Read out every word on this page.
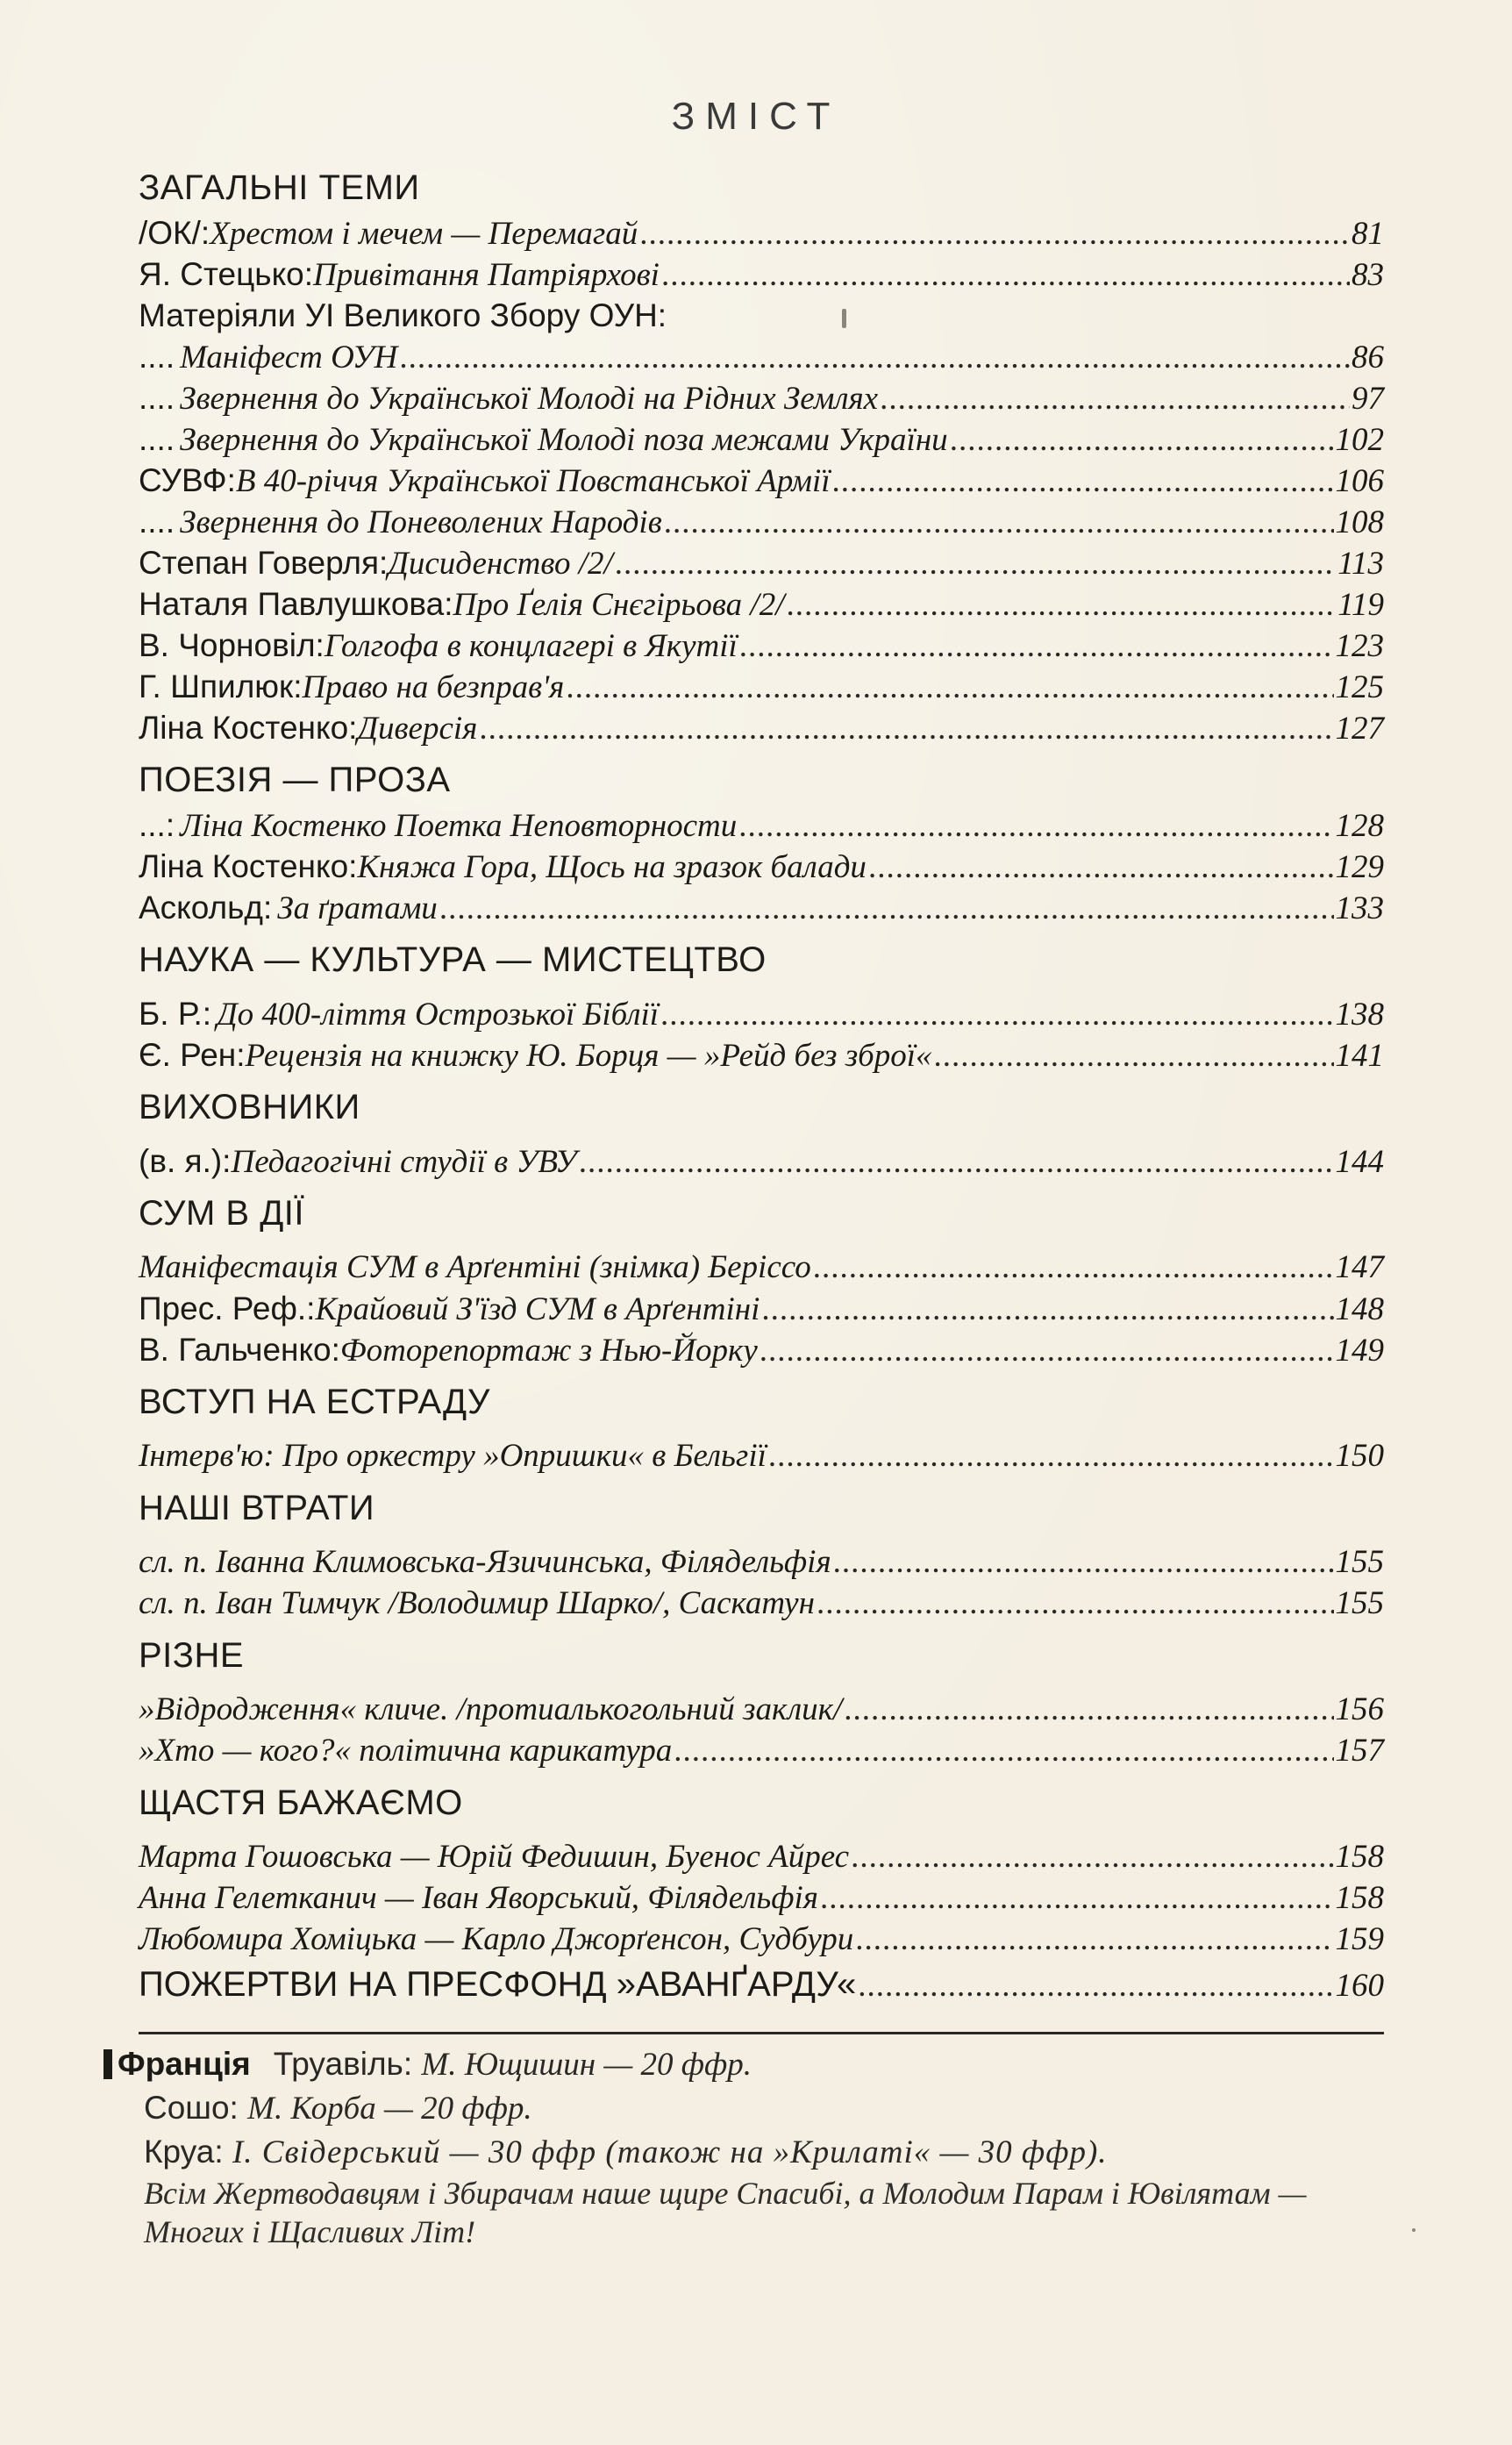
ЗМІСТ
ЗАГАЛЬНІ ТЕМИ
/ОК/: Хрестом і мечем — Перемагай .....	81
Я. Стецько: Привітання Патріярхові .....	83
Матеріяли УІ Великого Збору ОУН:
.... Маніфест ОУН .....	86
.... Звернення до Української Молоді на Рідних Землях .....	97
.... Звернення до Української Молоді поза межами України .....	102
СУВФ: В 40-річчя Української Повстанської Армії .....	106
.... Звернення до Поневолених Народів .....	108
Степан Говерля: Дисиденство /2/ .....	113
Наталя Павлушкова: Про Ґелія Снєгірьова /2/ .....	119
В. Чорновіл: Голгофа в концлагері в Якутії .....	123
Г. Шпилюк: Право на безправ'я .....	125
Ліна Костенко: Диверсія .....	127
ПОЕЗІЯ — ПРОЗА
...: Ліна Костенко Поетка Неповторности .....	128
Ліна Костенко: Княжа Гора, Щось на зразок балади .....	129
Аскольд: За ґратами .....	133
НАУКА — КУЛЬТУРА — МИСТЕЦТВО
Б. Р.: До 400-ліття Острозької Біблії .....	138
Є. Рен: Рецензія на книжку Ю. Борця — »Рейд без зброї« .....	141
ВИХОВНИКИ
(в. я.): Педагогічні студії в УВУ .....	144
СУМ В ДІЇ
Маніфестація СУМ в Арґентіні (знімка) Беріссо .....	147
Прес. Реф.: Крайовий З'їзд СУМ в Арґентіні .....	148
В. Гальченко: Фоторепортаж з Нью-Йорку .....	149
ВСТУП НА ЕСТРАДУ
Інтерв'ю: Про оркестру »Опришки« в Бельгії .....	150
НАШІ ВТРАТИ
сл. п. Іванна Климовська-Язичинська, Філядельфія .....	155
сл. п. Іван Тимчук /Володимир Шарко/, Саскатун .....	155
РІЗНЕ
»Відродження« кличе. /протиалькогольний заклик/ .....	156
»Хто — кого?« політична карикатура .....	157
ЩАСТЯ БАЖАЄМО
Марта Гошовська — Юрій Федишин, Буенос Айрес .....	158
Анна Гелетканич — Іван Яворський, Філядельфія .....	158
Любомира Хоміцька — Карло Джорґенсон, Судбури .....	159
ПОЖЕРТВИ НА ПРЕСФОНД »АВАНҐАРДУ« .....	160
Франція Труавіль: М. Ющишин — 20 ффр.
Сошо: М. Корба — 20 ффр.
Круа: І. Свідерський — 30 ффр (також на »Крилаті« — 30 ффр).
Всім Жертводавцям і Збирачам наше щире Спасибі, а Молодим Парам і Ювілятам — Многих і Щасливих Літ!
